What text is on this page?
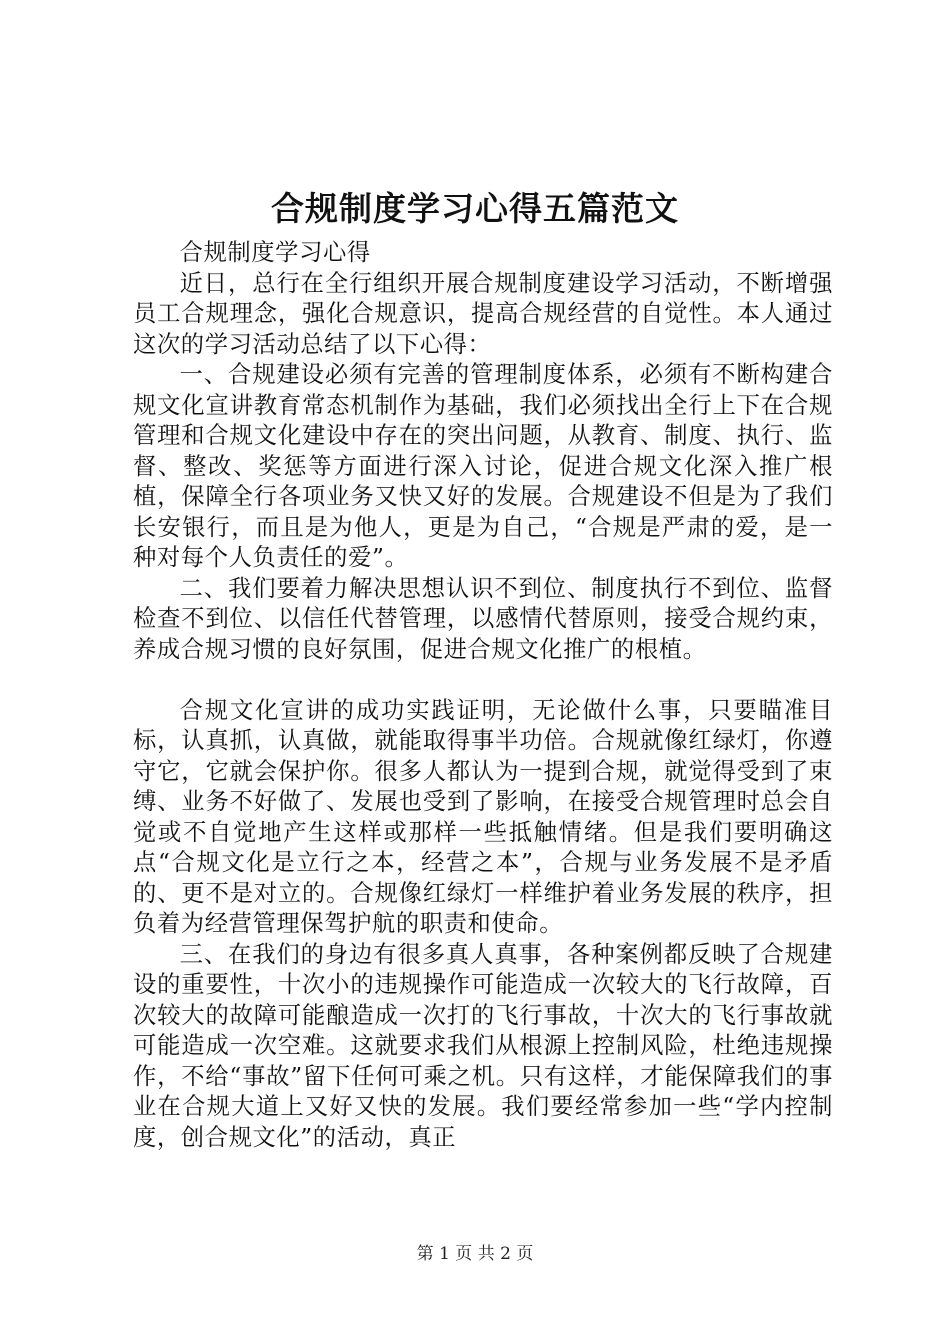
合规制度学习心得五篇范文

合规制度学习心得

近日，总行在全行组织开展合规制度建设学习活动，不断增强员工合规理念，强化合规意识，提高合规经营的自觉性。本人通过这次的学习活动总结了以下心得：

一、合规建设必须有完善的管理制度体系，必须有不断构建合规文化宣讲教育常态机制作为基础，我们必须找出全行上下在合规管理和合规文化建设中存在的突出问题，从教育、制度、执行、监督、整改、奖惩等方面进行深入讨论，促进合规文化深入推广根植，保障全行各项业务又快又好的发展。合规建设不但是为了我们长安银行，而且是为他人，更是为自己，“合规是严肃的爱，是一种对每个人负责任的爱”。

二、我们要着力解决思想认识不到位、制度执行不到位、监督检查不到位、以信任代替管理，以感情代替原则，接受合规约束，养成合规习惯的良好氛围，促进合规文化推广的根植。

合规文化宣讲的成功实践证明，无论做什么事，只要瞄准目标，认真抓，认真做，就能取得事半功倍。合规就像红绿灯，你遵守它，它就会保护你。很多人都认为一提到合规，就觉得受到了束缚、业务不好做了、发展也受到了影响，在接受合规管理时总会自觉或不自觉地产生这样或那样一些抵触情绪。但是我们要明确这点“合规文化是立行之本，经营之本”，合规与业务发展不是矛盾的、更不是对立的。合规像红绿灯一样维护着业务发展的秩序，担负着为经营管理保驾护航的职责和使命。

三、在我们的身边有很多真人真事，各种案例都反映了合规建设的重要性，十次小的违规操作可能造成一次较大的飞行故障，百次较大的故障可能酿造成一次打的飞行事故，十次大的飞行事故就可能造成一次空难。这就要求我们从根源上控制风险，杜绝违规操作，不给“事故”留下任何可乘之机。只有这样，才能保障我们的事业在合规大道上又好又快的发展。我们要经常参加一些“学内控制度，创合规文化”的活动，真正

第 1 页 共 2 页
